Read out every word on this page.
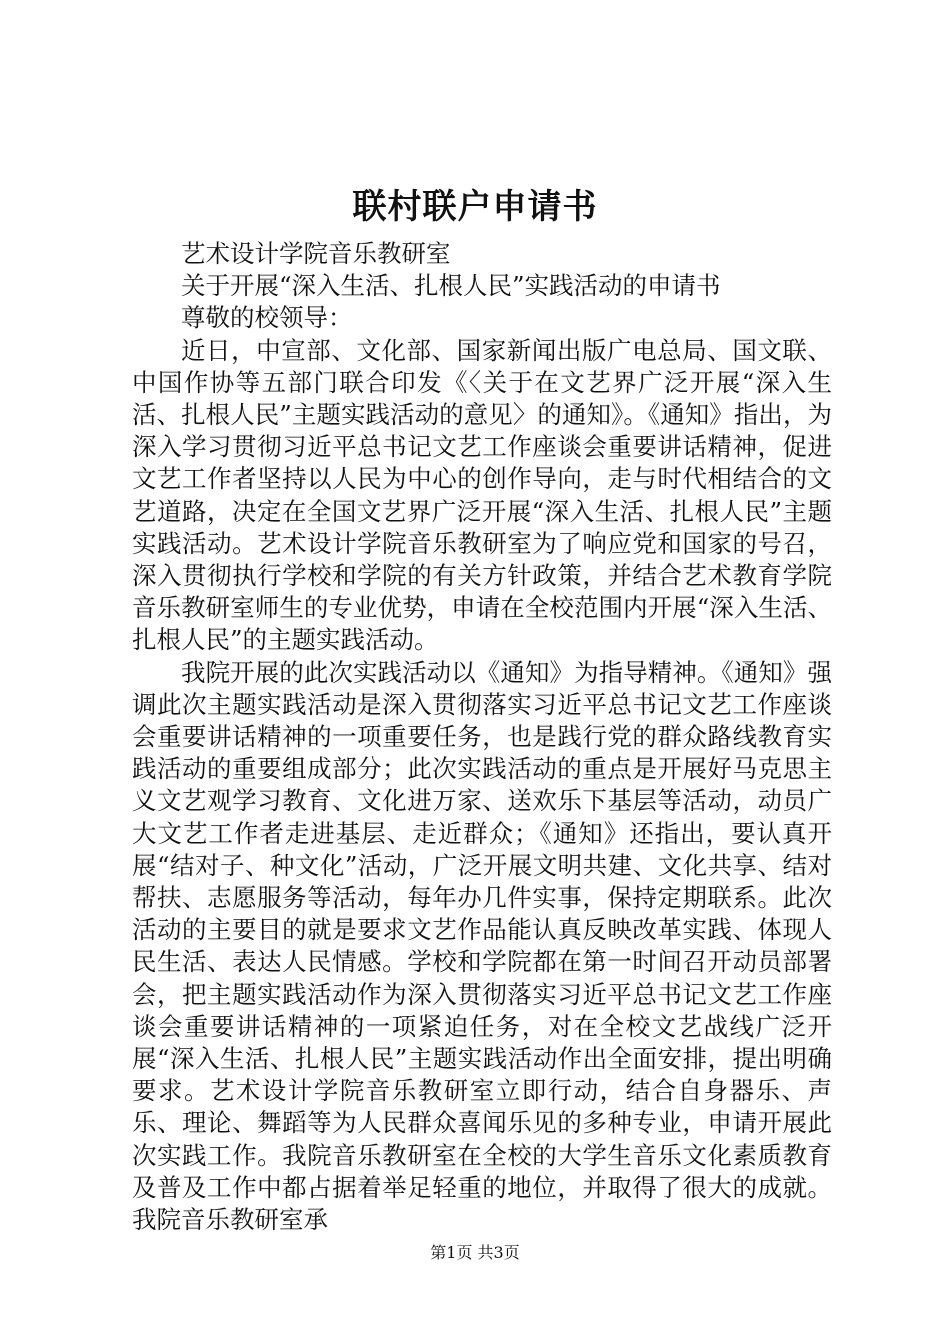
联村联户申请书

艺术设计学院音乐教研室

关于开展“深入生活、扎根人民”实践活动的申请书

尊敬的校领导：

近日，中宣部、文化部、国家新闻出版广电总局、国文联、中国作协等五部门联合印发《〈关于在文艺界广泛开展“深入生活、扎根人民”主题实践活动的意见〉的通知》。《通知》指出，为深入学习贯彻习近平总书记文艺工作座谈会重要讲话精神，促进文艺工作者坚持以人民为中心的创作导向，走与时代相结合的文艺道路，决定在全国文艺界广泛开展“深入生活、扎根人民”主题实践活动。艺术设计学院音乐教研室为了响应党和国家的号召，深入贯彻执行学校和学院的有关方针政策，并结合艺术教育学院音乐教研室师生的专业优势，申请在全校范围内开展“深入生活、扎根人民”的主题实践活动。

我院开展的此次实践活动以《通知》为指导精神。《通知》强调此次主题实践活动是深入贯彻落实习近平总书记文艺工作座谈会重要讲话精神的一项重要任务，也是践行党的群众路线教育实践活动的重要组成部分；此次实践活动的重点是开展好马克思主义文艺观学习教育、文化进万家、送欢乐下基层等活动，动员广大文艺工作者走进基层、走近群众；《通知》还指出，要认真开展“结对子、种文化”活动，广泛开展文明共建、文化共享、结对帮扶、志愿服务等活动，每年办几件实事，保持定期联系。此次活动的主要目的就是要求文艺作品能认真反映改革实践、体现人民生活、表达人民情感。学校和学院都在第一时间召开动员部署会，把主题实践活动作为深入贯彻落实习近平总书记文艺工作座谈会重要讲话精神的一项紧迫任务，对在全校文艺战线广泛开展“深入生活、扎根人民”主题实践活动作出全面安排，提出明确要求。艺术设计学院音乐教研室立即行动，结合自身器乐、声乐、理论、舞蹈等为人民群众喜闻乐见的多种专业，申请开展此次实践工作。我院音乐教研室在全校的大学生音乐文化素质教育及普及工作中都占据着举足轻重的地位，并取得了很大的成就。我院音乐教研室承

第1页 共3页
